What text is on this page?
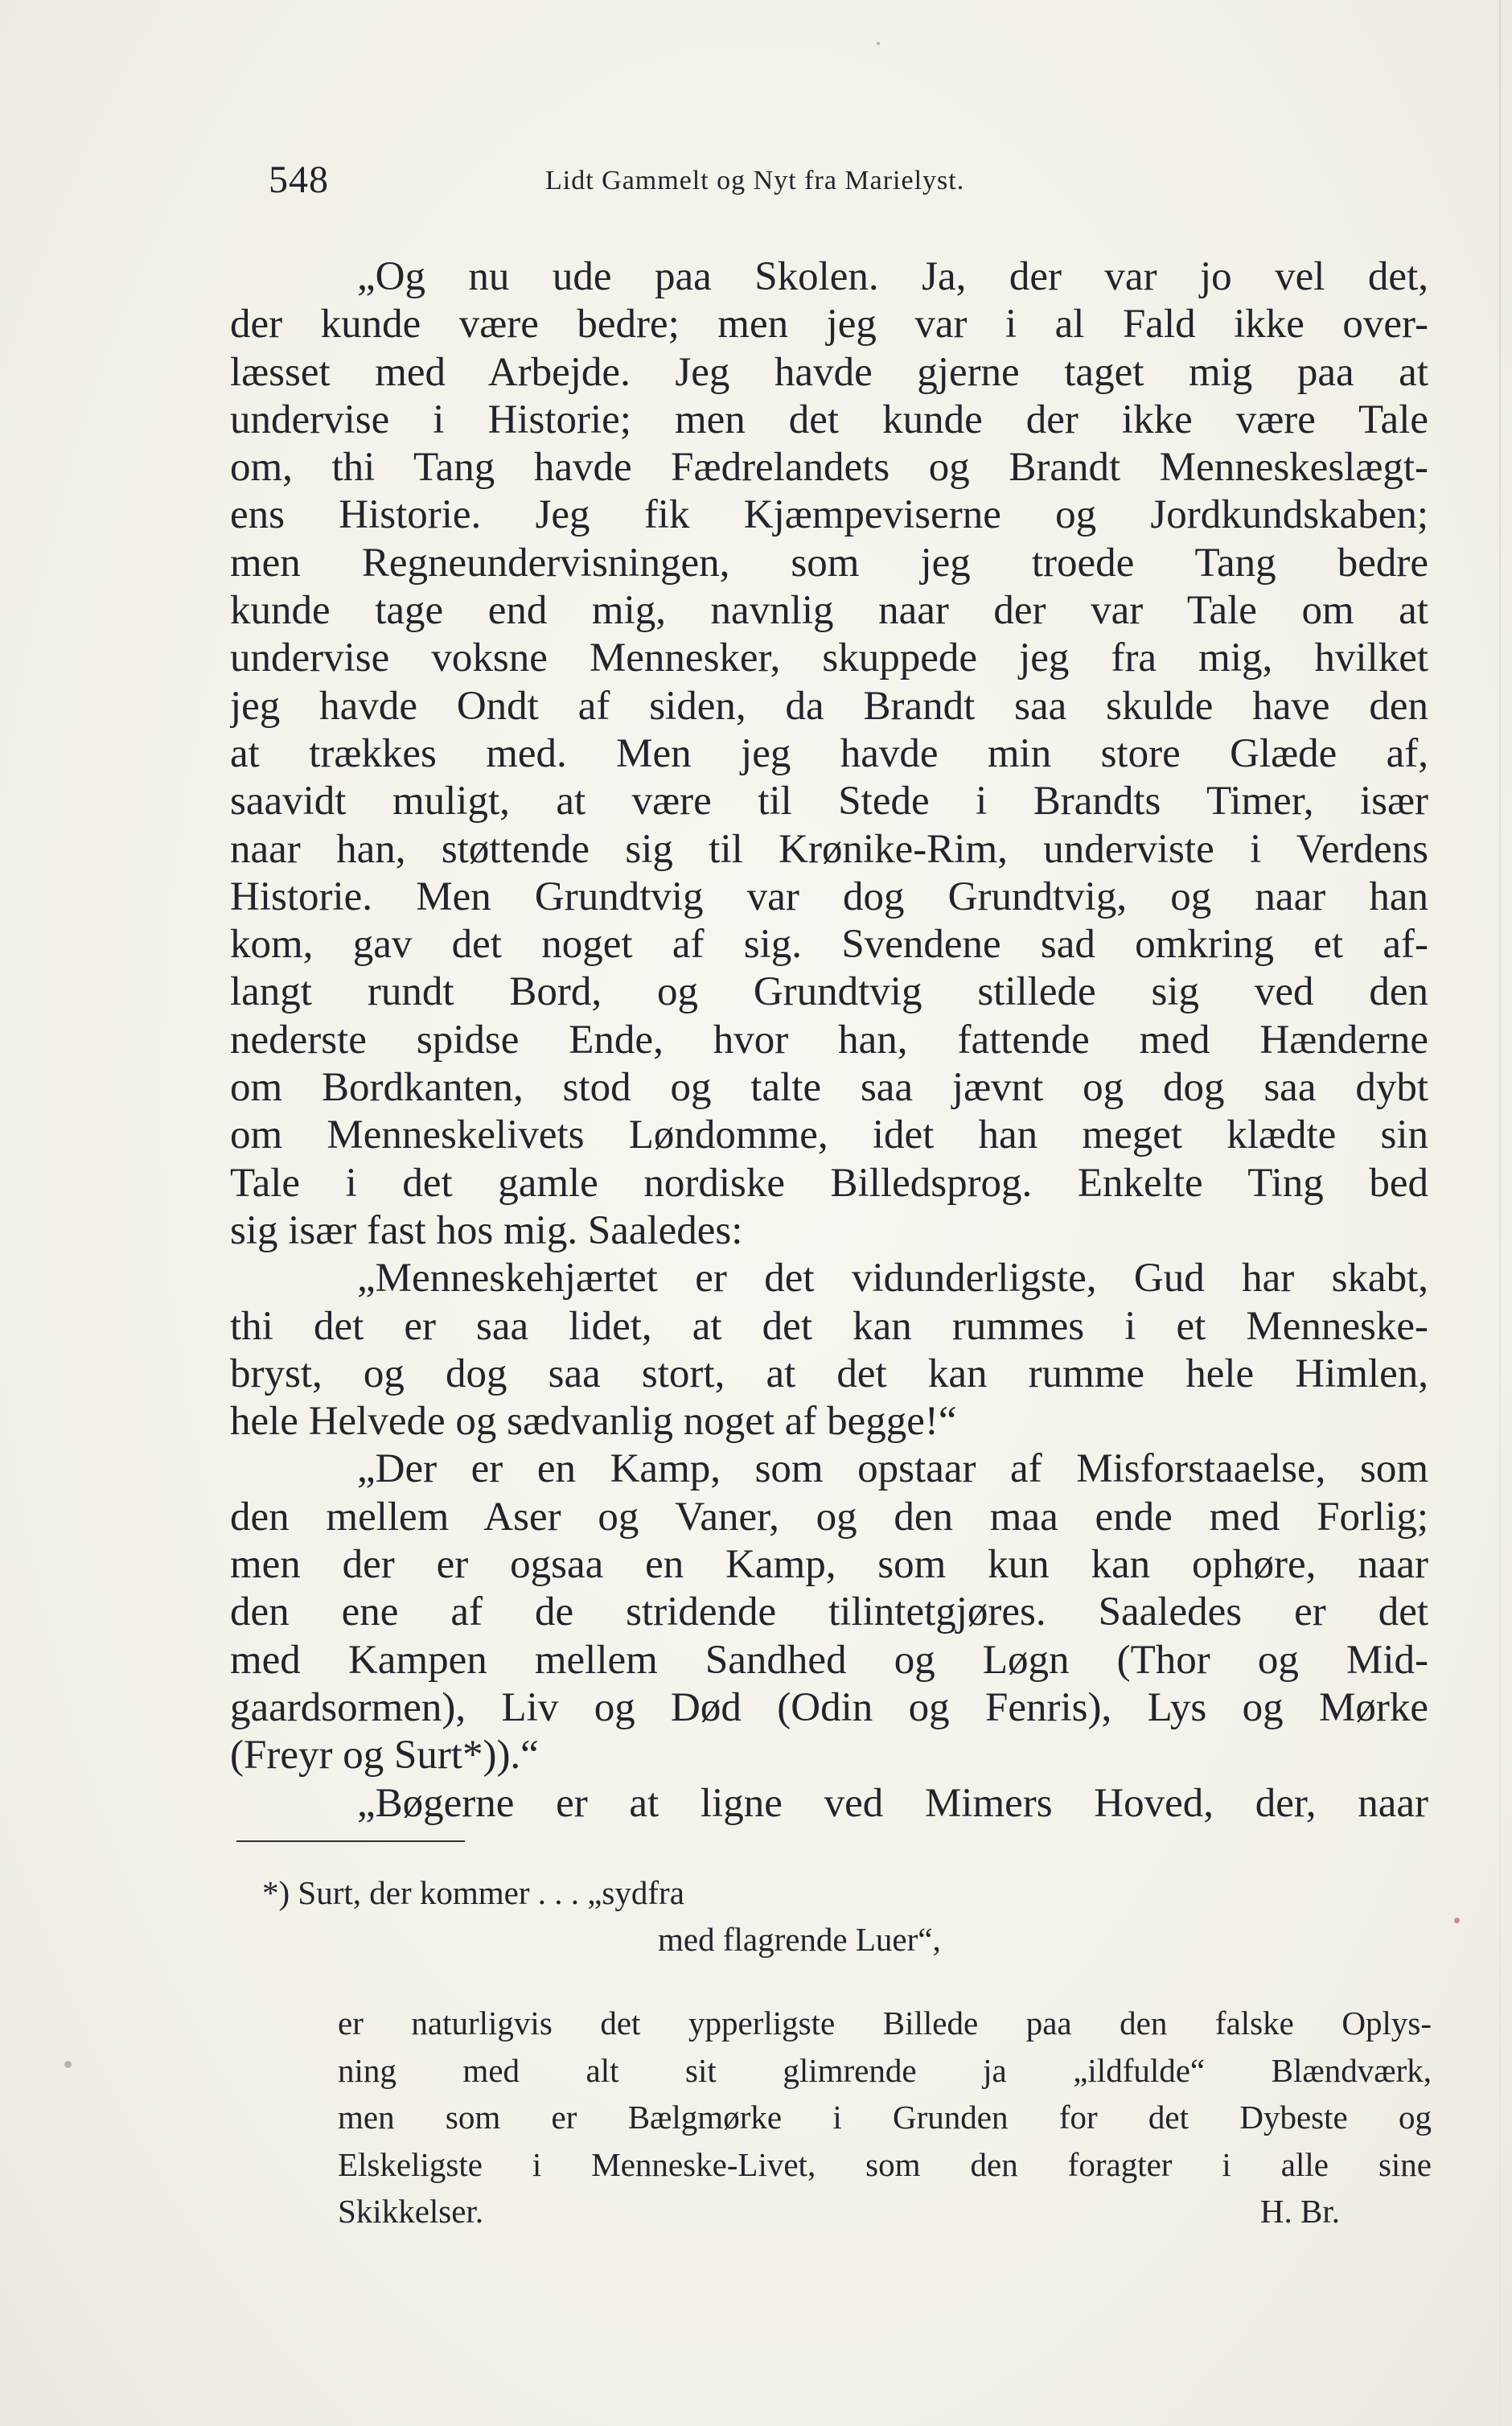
548	Lidt Gammelt og Nyt fra Marielyst.
„Og nu ude paa Skolen. Ja, der var jo vel det,
der kunde være bedre; men jeg var i al Fald ikke over-
læsset med Arbejde. Jeg havde gjerne taget mig paa at
undervise i Historie; men det kunde der ikke være Tale
om, thi Tang havde Fædrelandets og Brandt Menneskeslægt-
ens Historie. Jeg fik Kjæmpeviserne og Jordkundskaben;
men Regneundervisningen, som jeg troede Tang bedre
kunde tage end mig, navnlig naar der var Tale om at
undervise voksne Mennesker, skuppede jeg fra mig, hvilket
jeg havde Ondt af siden, da Brandt saa skulde have den
at trækkes med. Men jeg havde min store Glæde af,
saavidt muligt, at være til Stede i Brandts Timer, især
naar han, støttende sig til Krønike-Rim, underviste i Verdens
Historie. Men Grundtvig var dog Grundtvig, og naar han
kom, gav det noget af sig. Svendene sad omkring et af-
langt rundt Bord, og Grundtvig stillede sig ved den
nederste spidse Ende, hvor han, fattende med Hænderne
om Bordkanten, stod og talte saa jævnt og dog saa dybt
om Menneskelivets Løndomme, idet han meget klædte sin
Tale i det gamle nordiske Billedsprog. Enkelte Ting bed
sig især fast hos mig. Saaledes:
„Menneskehjærtet er det vidunderligste, Gud har skabt,
thi det er saa lidet, at det kan rummes i et Menneske-
bryst, og dog saa stort, at det kan rumme hele Himlen,
hele Helvede og sædvanlig noget af begge!“
„Der er en Kamp, som opstaar af Misforstaaelse, som
den mellem Aser og Vaner, og den maa ende med Forlig;
men der er ogsaa en Kamp, som kun kan ophøre, naar
den ene af de stridende tilintetgjøres. Saaledes er det
med Kampen mellem Sandhed og Løgn (Thor og Mid-
gaardsormen), Liv og Død (Odin og Fenris), Lys og Mørke
(Freyr og Surt*)).“
„Bøgerne er at ligne ved Mimers Hoved, der, naar
*) Surt, der kommer . . . „sydfra
med flagrende Luer“,
er naturligvis det ypperligste Billede paa den falske Oplys-
ning med alt sit glimrende ja „ildfulde“ Blændværk,
men som er Bælgmørke i Grunden for det Dybeste og
Elskeligste i Menneske-Livet, som den foragter i alle sine
Skikkelser.	H. Br.
